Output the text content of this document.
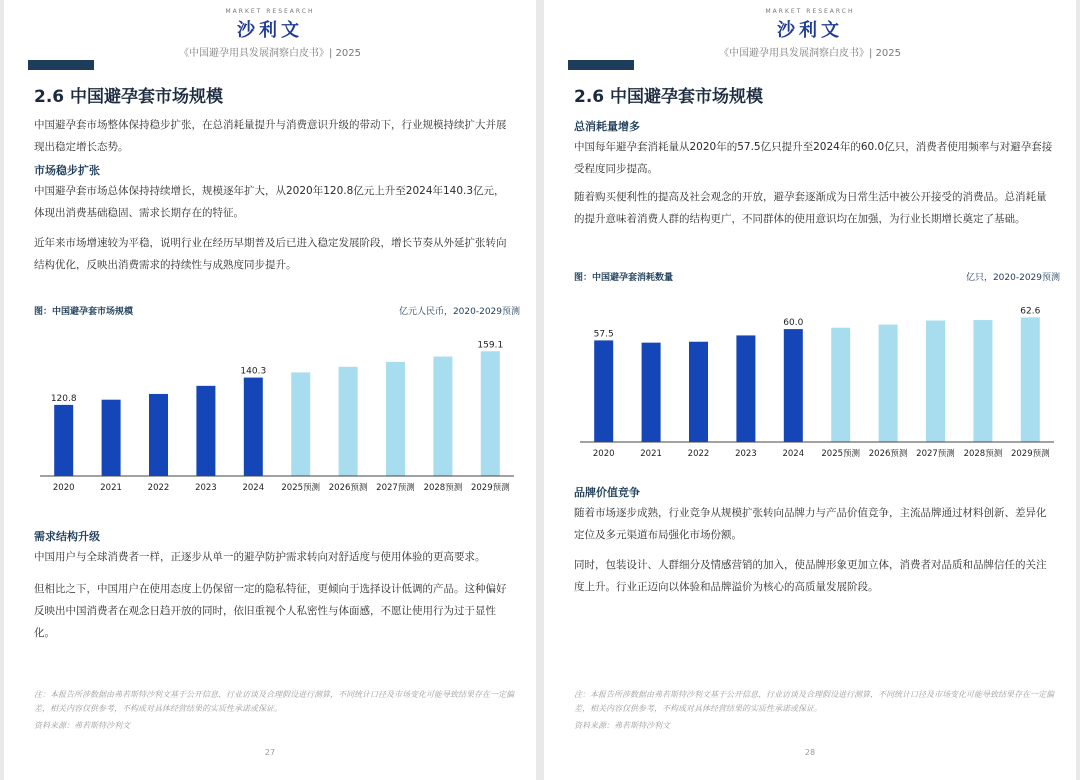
MARKET RESEARCH
沙利文
《中国避孕用具发展洞察白皮书》| 2025
2.6 中国避孕套市场规模

中国避孕套市场整体保持稳步扩张，在总消耗量提升与消费意识升级的带动下，行业规模持续扩大并展现出稳定增长态势。

市场稳步扩张

中国避孕套市场总体保持持续增长，规模逐年扩大，从2020年120.8亿元上升至2024年140.3亿元，体现出消费基础稳固、需求长期存在的特征。

近年来市场增速较为平稳，说明行业在经历早期普及后已进入稳定发展阶段，增长节奏从外延扩张转向结构优化，反映出消费需求的持续性与成熟度同步提升。

图：中国避孕套市场规模	亿元人民币，2020-2029预测
120.8
2020	2021	2022	2023
140.3
2024 2025预测 2026预测 2027预测 2028预测
159.1
2029预测
需求结构升级

中国用户与全球消费者一样，正逐步从单一的避孕防护需求转向对舒适度与使用体验的更高要求。

但相比之下，中国用户在使用态度上仍保留一定的隐私特征，更倾向于选择设计低调的产品。这种偏好反映出中国消费者在观念日趋开放的同时，依旧重视个人私密性与体面感，不愿让使用行为过于显性化。

注：本报告所涉数据由弗若斯特沙利文基于公开信息、行业访谈及合理假设进行测算，不同统计口径及市场变化可能导致结果存在一定偏差，相关内容仅供参考，不构成对具体经营结果的实质性承诺或保证。

资料来源：弗若斯特沙利文
27
MARKET RESEARCH
沙利文
《中国避孕用具发展洞察白皮书》| 2025
2.6 中国避孕套市场规模
总消耗量增多

中国每年避孕套消耗量从2020年的57.5亿只提升至2024年的60.0亿只，消费者使用频率与对避孕套接受程度同步提高。

随着购买便利性的提高及社会观念的开放，避孕套逐渐成为日常生活中被公开接受的消费品。总消耗量的提升意味着消费人群的结构更广，不同群体的使用意识均在加强，为行业长期增长奠定了基础。

图：中国避孕套消耗数量	亿只，2020-2029预测
57.5
2020	2021	2022	2023
60.0
2024 2025预测 2026预测 2027预测 2028预测
62.6
2029预测
品牌价值竞争

随着市场逐步成熟，行业竞争从规模扩张转向品牌力与产品价值竞争，主流品牌通过材料创新、差异化定位及多元渠道布局强化市场份额。

同时，包装设计、人群细分及情感营销的加入，使品牌形象更加立体，消费者对品质和品牌信任的关注度上升。行业正迈向以体验和品牌溢价为核心的高质量发展阶段。

注：本报告所涉数据由弗若斯特沙利文基于公开信息、行业访谈及合理假设进行测算，不同统计口径及市场变化可能导致结果存在一定偏差，相关内容仅供参考，不构成对具体经营结果的实质性承诺或保证。

资料来源：弗若斯特沙利文
28
